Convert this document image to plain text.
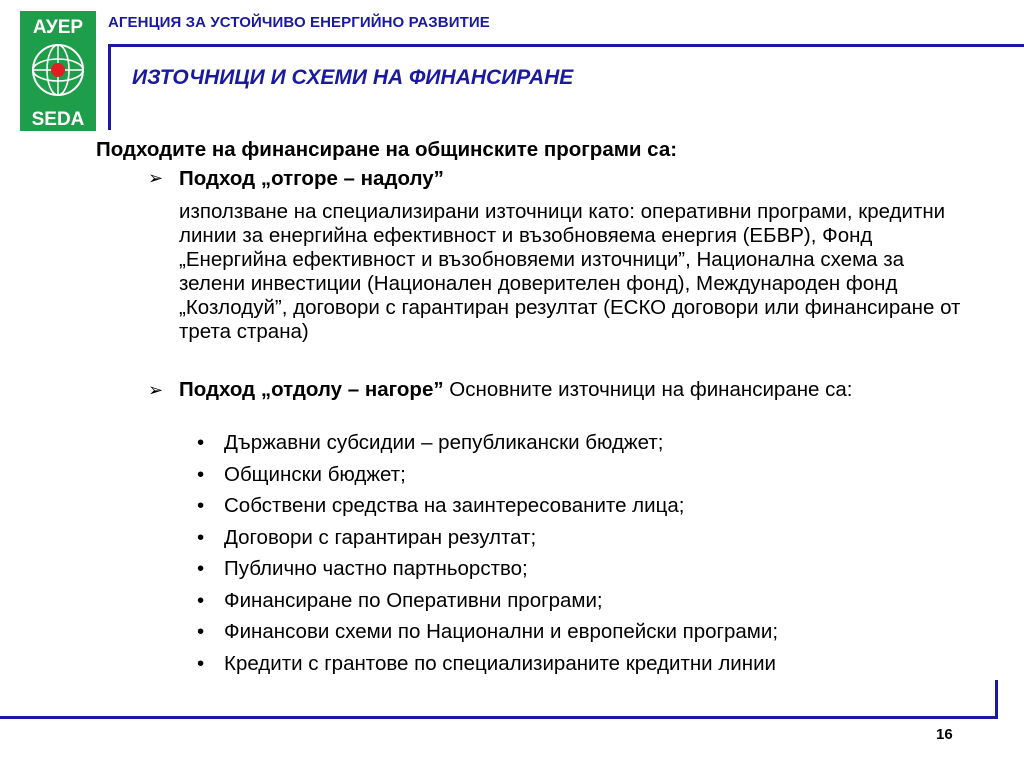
АУЕР
SEDA
АГЕНЦИЯ ЗА УСТОЙЧИВО ЕНЕРГИЙНО РАЗВИТИЕ
ИЗТОЧНИЦИ И СХЕМИ НА ФИНАНСИРАНЕ
Подходите на финансиране на общинските програми са:
➢ Подход „отгоре – надолу”
използване на специализирани източници като: оперативни програми, кредитни линии за енергийна ефективност и възобновяема енергия (ЕБВР), Фонд „Енергийна ефективност и възобновяеми източници”, Национална схема за зелени инвестиции (Национален доверителен фонд), Международен фонд „Козлодуй”, договори с гарантиран резултат (ЕСКО договори или финансиране от трета страна)
➢ Подход „отдолу – нагоре” Основните източници на финансиране са:
• Държавни субсидии – републикански бюджет;
• Общински бюджет;
• Собствени средства на заинтересованите лица;
• Договори с гарантиран резултат;
• Публично частно партньорство;
• Финансиране по Оперативни програми;
• Финансови схеми по Национални и европейски програми;
• Кредити с грантове по специализираните кредитни линии
16
